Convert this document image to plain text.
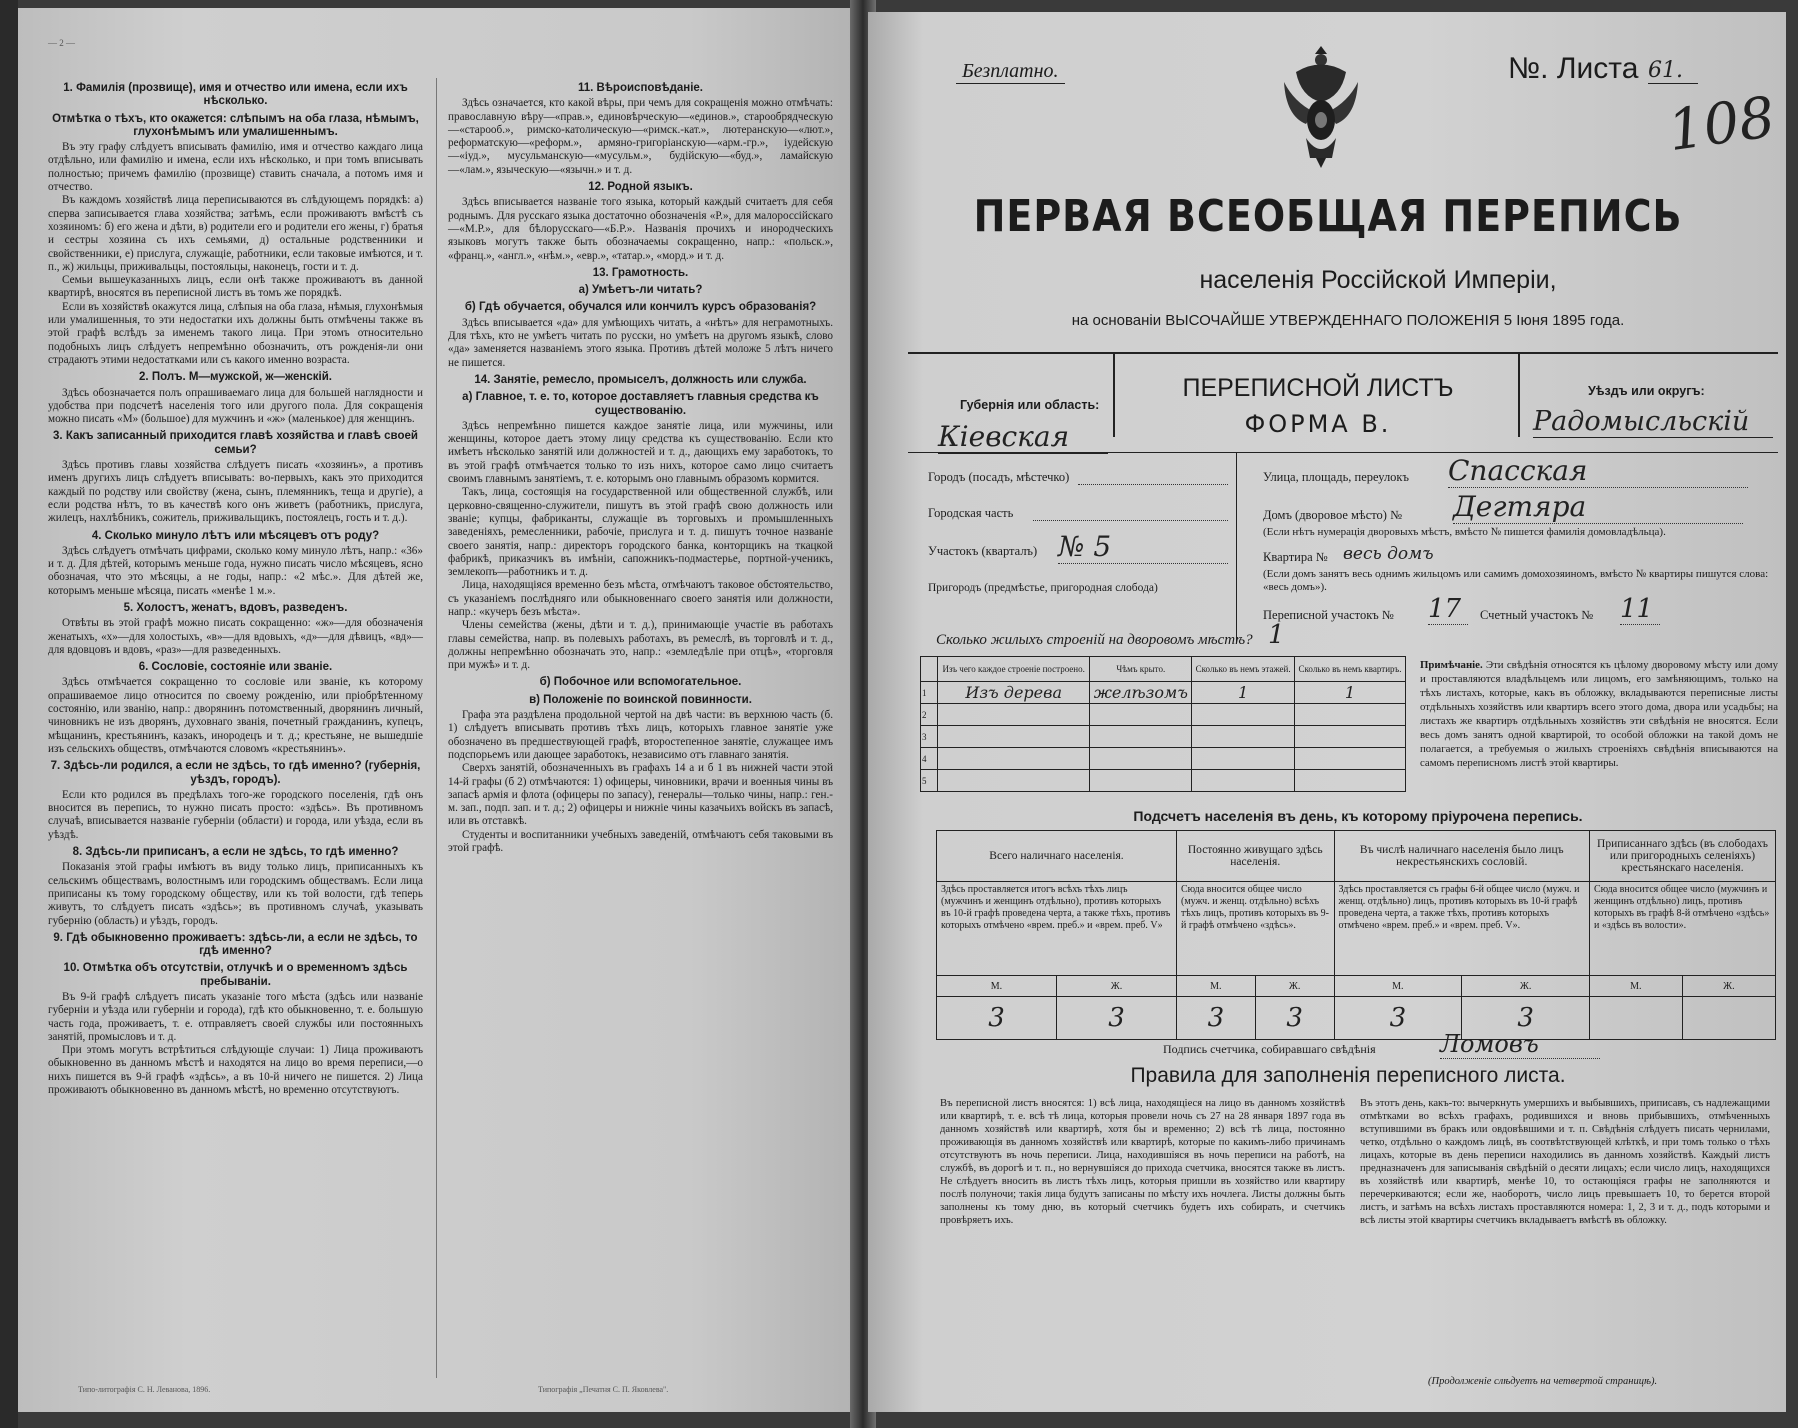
— 2 —
1. Фамилія (прозвище), имя и отчество или имена, если ихъ нѣсколько.
Отмѣтка о тѣхъ, кто окажется: слѣпымъ на оба глаза, нѣмымъ, глухонѣмымъ или умалишеннымъ.

Въ эту графу слѣдуетъ вписывать фамилію, имя и отчество каждаго лица отдѣльно, или фамилію и имена, если ихъ нѣсколько, и при томъ вписывать полностью; причемъ фамилію (прозвище) ставить сначала, а потомъ имя и отчество.

Въ каждомъ хозяйствѣ лица переписываются въ слѣдующемъ порядкѣ: а) сперва записывается глава хозяйства; затѣмъ, если проживаютъ вмѣстѣ съ хозяиномъ: б) его жена и дѣти, в) родители его и родители его жены, г) братья и сестры хозяина съ ихъ семьями, д) остальные родственники и свойственники, е) прислуга, служащіе, работники, если таковые имѣются, и т. п., ж) жильцы, приживальцы, постояльцы, наконецъ, гости и т. д.

Семьи вышеуказанныхъ лицъ, если онѣ также проживаютъ въ данной квартирѣ, вносятся въ переписной листъ въ томъ же порядкѣ.

Если въ хозяйствѣ окажутся лица, слѣпыя на оба глаза, нѣмыя, глухонѣмыя или умалишенныя, то эти недостатки ихъ должны быть отмѣчены также въ этой графѣ вслѣдъ за именемъ такого лица. При этомъ относительно подобныхъ лицъ слѣдуетъ непремѣнно обозначить, отъ рожденія-ли они страдаютъ этими недостатками или съ какого именно возраста.

2. Полъ. М—мужской, ж—женскій.

Здѣсь обозначается полъ опрашиваемаго лица для большей наглядности и удобства при подсчетѣ населенія того или другого пола. Для сокращенія можно писать «М» (большое) для мужчинъ и «ж» (маленькое) для женщинъ.

3. Какъ записанный приходится главѣ хозяйства и главѣ своей семьи?

Здѣсь противъ главы хозяйства слѣдуетъ писать «хозяинъ», а противъ именъ другихъ лицъ слѣдуетъ вписывать: во-первыхъ, какъ это приходится каждый по родству или свойству (жена, сынъ, племянникъ, теща и другіе), а если родства нѣтъ, то въ качествѣ кого онъ живетъ (работникъ, прислуга, жилецъ, нахлѣбникъ, сожитель, приживальщикъ, постоялецъ, гость и т. д.).

4. Сколько минуло лѣтъ или мѣсяцевъ отъ роду?

Здѣсь слѣдуетъ отмѣчать цифрами, сколько кому минуло лѣтъ, напр.: «36» и т. д. Для дѣтей, которымъ меньше года, нужно писать число мѣсяцевъ, ясно обозначая, что это мѣсяцы, а не годы, напр.: «2 мѣс.». Для дѣтей же, которымъ меньше мѣсяца, писать «менѣе 1 м.».

5. Холостъ, женатъ, вдовъ, разведенъ.

Отвѣты въ этой графѣ можно писать сокращенно: «ж»—для обозначенія женатыхъ, «х»—для холостыхъ, «в»—для вдовыхъ, «д»—для дѣвицъ, «вд»—для вдовцовъ и вдовъ, «раз»—для разведенныхъ.

6. Сословіе, состояніе или званіе.

Здѣсь отмѣчается сокращенно то сословіе или званіе, къ которому опрашиваемое лицо относится по своему рожденію, или пріобрѣтенному состоянію, или званію, напр.: дворянинъ потомственный, дворянинъ личный, чиновникъ не изъ дворянъ, духовнаго званія, почетный гражданинъ, купецъ, мѣщанинъ, крестьянинъ, казакъ, инородецъ и т. д.; крестьяне, не вышедшіе изъ сельскихъ обществъ, отмѣчаются словомъ «крестьянинъ».

7. Здѣсь-ли родился, а если не здѣсь, то гдѣ именно? (губернія, уѣздъ, городъ).

Если кто родился въ предѣлахъ того-же городского поселенія, гдѣ онъ вносится въ перепись, то нужно писать просто: «здѣсь». Въ противномъ случаѣ, вписывается названіе губерніи (области) и города, или уѣзда, если въ уѣздѣ.

8. Здѣсь-ли приписанъ, а если не здѣсь, то гдѣ именно?

Показанія этой графы имѣютъ въ виду только лицъ, приписанныхъ къ сельскимъ обществамъ, волостнымъ или городскимъ обществамъ. Если лица приписаны къ тому городскому обществу, или къ той волости, гдѣ теперь живутъ, то слѣдуетъ писать «здѣсь»; въ противномъ случаѣ, указывать губернію (область) и уѣздъ, городъ.

9. Гдѣ обыкновенно проживаетъ: здѣсь-ли, а если не здѣсь, то гдѣ именно?
10. Отмѣтка объ отсутствіи, отлучкѣ и о временномъ здѣсь пребываніи.

Въ 9-й графѣ слѣдуетъ писать указаніе того мѣста (здѣсь или названіе губерніи и уѣзда или губерніи и города), гдѣ кто обыкновенно, т. е. большую часть года, проживаетъ, т. е. отправляетъ своей службы или постоянныхъ занятій, промысловъ и т. д.

При этомъ могутъ встрѣтиться слѣдующіе случаи: 1) Лица проживаютъ обыкновенно въ данномъ мѣстѣ и находятся на лицо во время переписи,—о нихъ пишется въ 9-й графѣ «здѣсь», а въ 10-й ничего не пишется. 2) Лица проживаютъ обыкновенно въ данномъ мѣстѣ, но временно отсутствуютъ.

11. Вѣроисповѣданіе.

Здѣсь означается, кто какой вѣры, при чемъ для сокращенія можно отмѣчать: православную вѣру—«прав.», единовѣрческую—«единов.», старообрядческую—«старооб.», римско-католическую—«римск.-кат.», лютеранскую—«лют.», реформатскую—«реформ.», армяно-григоріанскую—«арм.-гр.», іудейскую—«іуд.», мусульманскую—«мусульм.», будійскую—«буд.», ламайскую—«лам.», языческую—«язычн.» и т. д.

12. Родной языкъ.

Здѣсь вписывается названіе того языка, который каждый считаетъ для себя роднымъ. Для русскаго языка достаточно обозначенія «Р.», для малороссійскаго—«М.Р.», для бѣлорусскаго—«Б.Р.». Названія прочихъ и инородческихъ языковъ могутъ также быть обозначаемы сокращенно, напр.: «польск.», «франц.», «англ.», «нѣм.», «евр.», «татар.», «морд.» и т. д.

13. Грамотность.
а) Умѣетъ-ли читать?
б) Гдѣ обучается, обучался или кончилъ курсъ образованія?

Здѣсь вписывается «да» для умѣющихъ читать, а «нѣтъ» для неграмотныхъ. Для тѣхъ, кто не умѣетъ читать по русски, но умѣетъ на другомъ языкѣ, слово «да» заменяется названіемъ этого языка. Противъ дѣтей моложе 5 лѣтъ ничего не пишется.

14. Занятіе, ремесло, промыселъ, должность или служба.
а) Главное, т. е. то, которое доставляетъ главныя средства къ существованію.

Здѣсь непремѣнно пишется каждое занятіе лица, или мужчины, или женщины, которое даетъ этому лицу средства къ существованію. Если кто имѣетъ нѣсколько занятій или должностей и т. д., дающихъ ему заработокъ, то въ этой графѣ отмѣчается только то изъ нихъ, которое само лицо считаетъ своимъ главнымъ занятіемъ, т. е. которымъ оно главнымъ образомъ кормится.

Такъ, лица, состоящія на государственной или общественной службѣ, или церковно-священно-служители, пишутъ въ этой графѣ свою должность или званіе; купцы, фабриканты, служащіе въ торговыхъ и промышленныхъ заведеніяхъ, ремесленники, рабочіе, прислуга и т. д. пишутъ точное названіе своего занятія, напр.: директоръ городского банка, конторщикъ на ткацкой фабрикѣ, приказчикъ въ имѣніи, сапожникъ-подмастерье, портной-ученикъ, землекопъ—работникъ и т. д.

Лица, находящіяся временно безъ мѣста, отмѣчаютъ таковое обстоятельство, съ указаніемъ послѣдняго или обыкновеннаго своего занятія или должности, напр.: «кучеръ безъ мѣста».

Члены семейства (жены, дѣти и т. д.), принимающіе участіе въ работахъ главы семейства, напр. въ полевыхъ работахъ, въ ремеслѣ, въ торговлѣ и т. д., должны непремѣнно обозначать это, напр.: «земледѣліе при отцѣ», «торговля при мужѣ» и т. д.

б) Побочное или вспомогательное.
в) Положеніе по воинской повинности.

Графа эта раздѣлена продольной чертой на двѣ части: въ верхнюю часть (б. 1) слѣдуетъ вписывать противъ тѣхъ лицъ, которыхъ главное занятіе уже обозначено въ предшествующей графѣ, второстепенное занятіе, служащее имъ подспорьемъ или дающее заработокъ, независимо отъ главнаго занятія.

Сверхъ занятій, обозначенныхъ въ графахъ 14 а и б 1 въ нижней части этой 14-й графы (б 2) отмѣчаются: 1) офицеры, чиновники, врачи и военныя чины въ запасѣ армія и флота (офицеры по запасу), генералы—только чины, напр.: ген.-м. зап., подп. зап. и т. д.; 2) офицеры и нижніе чины казачьихъ войскъ въ запасѣ, или въ отставкѣ.

Студенты и воспитанники учебныхъ заведеній, отмѣчаютъ себя таковыми въ этой графѣ.

Типо-литографія С. Н. Леванова, 1896.	Типографія „Печатня С. П. Яковлева".
Безплатно.	№. Листа 61.
108
ПЕРВАЯ ВСЕОБЩАЯ ПЕРЕПИСЬ
населенія Россійской Имперіи,
на основаніи ВЫСОЧАЙШЕ УТВЕРЖДЕННАГО ПОЛОЖЕНІЯ 5 Іюня 1895 года.
Губернія или область:
Кіевская
ПЕРЕПИСНОЙ ЛИСТЪ
ФОРМА В.
Уѣздъ или округъ:
Радомысльскій
Городъ (посадъ, мѣстечко)
Городская часть
Участокъ (кварталъ) № 5
Пригородъ (предмѣстье, пригородная слобода)
Улица, площадь, переулокъ Спасская
Домъ (дворовое мѣсто) № Дегтяра
(Если нѣтъ нумерація дворовыхъ мѣстъ, вмѣсто № пишется фамилія домовладѣльца).
Квартира № весь домъ
(Если домъ занятъ весь однимъ жильцомъ или самимъ домохозяиномъ, вмѣсто № квартиры пишутся слова: «весь домъ»).
Переписной участокъ № 17	Счетный участокъ № 11
Сколько жилыхъ строеній на дворовомъ мѣстѣ? 1
	Изъ чего каждое строеніе построено.	Чѣмъ крыто.	Сколько въ немъ этажей.	Сколько въ немъ квартиръ.
1	Изъ дерева	желѣзомъ	1	1
2				
3				
4				
5				
Примѣчаніе. Эти свѣдѣнія относятся къ цѣлому дворовому мѣсту или дому и проставляются владѣльцемъ или лицомъ, его замѣняющимъ, только на тѣхъ листахъ, которые, какъ въ обложку, вкладываются переписные листы отдѣльныхъ хозяйствъ или квартиръ всего этого дома, двора или усадьбы; на листахъ же квартиръ отдѣльныхъ хозяйствъ эти свѣдѣнія не вносятся. Если весь домъ занятъ одной квартирой, то особой обложки на такой домъ не полагается, а требуемыя о жилыхъ строеніяхъ свѣдѣнія вписываются на самомъ переписномъ листѣ этой квартиры.
Подсчетъ населенія въ день, къ которому пріурочена перепись.
Всего наличнаго населенія.		Постоянно живущаго здѣсь населенія.		Въ числѣ наличнаго населенія было лицъ некрестьянскихъ сословій.		Приписаннаго здѣсь (въ слободахъ или пригородныхъ селеніяхъ) крестьянскаго населенія.	
Здѣсь проставляется итогъ всѣхъ тѣхъ лицъ (мужчинъ и женщинъ отдѣльно), противъ которыхъ въ 10-й графѣ проведена черта, а также тѣхъ, противъ которыхъ отмѣчено «врем. преб.» и «врем. преб. V»		Сюда вносится общее число (мужч. и женщ. отдѣльно) всѣхъ тѣхъ лицъ, противъ которыхъ въ 9-й графѣ отмѣчено «здѣсь».		Здѣсь проставляется съ графы 6-й общее число (мужч. и женщ. отдѣльно) лицъ, противъ которыхъ въ 10-й графѣ проведена черта, а также тѣхъ, противъ которыхъ отмѣчено «врем. преб.» и «врем. преб. V».		Сюда вносится общее число (мужчинъ и женщинъ отдѣльно) лицъ, противъ которыхъ въ графѣ 8-й отмѣчено «здѣсь» и «здѣсь въ волости».	
М.	Ж.	М.	Ж.	М.	Ж.	М.	Ж.
3	3	3	3	3	3		
Подпись счетчика, собиравшаго свѣдѣнія	Ломовъ
Правила для заполненія переписного листа.
Въ переписной листъ вносятся: 1) всѣ лица, находящіеся на лицо въ данномъ хозяйствѣ или квартирѣ, т. е. всѣ тѣ лица, которыя провели ночь съ 27 на 28 января 1897 года въ данномъ хозяйствѣ или квартирѣ, хотя бы и временно; 2) всѣ тѣ лица, постоянно проживающія въ данномъ хозяйствѣ или квартирѣ, которые по какимъ-либо причинамъ отсутствуютъ въ ночь переписи. Лица, находившіяся въ ночь переписи на работѣ, на службѣ, въ дорогѣ и т. п., но вернувшіяся до прихода счетчика, вносятся также въ листъ. Не слѣдуетъ вносить въ листъ тѣхъ лицъ, которыя пришли въ хозяйство или квартиру послѣ полуночи; такія лица будутъ записаны по мѣсту ихъ ночлега. Листы должны быть заполнены къ тому дню, въ который счетчикъ будетъ ихъ собирать, и счетчикъ провѣряетъ ихъ.
Въ этотъ день, какъ-то: вычеркнуть умершихъ и выбывшихъ, приписавъ, съ надлежащими отмѣтками во всѣхъ графахъ, родившихся и вновь прибывшихъ, отмѣченныхъ вступившими въ бракъ или овдовѣвшими и т. п. Свѣдѣнія слѣдуетъ писать чернилами, четко, отдѣльно о каждомъ лицѣ, въ соотвѣтствующей клѣткѣ, и при томъ только о тѣхъ лицахъ, которые въ день переписи находились въ данномъ хозяйствѣ. Каждый листъ предназначенъ для записыванія свѣдѣній о десяти лицахъ; если число лицъ, находящихся въ хозяйствѣ или квартирѣ, менѣе 10, то остающіяся графы не заполняются и перечеркиваются; если же, наоборотъ, число лицъ превышаетъ 10, то берется второй листъ, и затѣмъ на всѣхъ листахъ проставляются номера: 1, 2, 3 и т. д., подъ которыми и всѣ листы этой квартиры счетчикъ вкладываетъ вмѣстѣ въ обложку.
(Продолженіе слѣдуетъ на четвертой страницѣ).
